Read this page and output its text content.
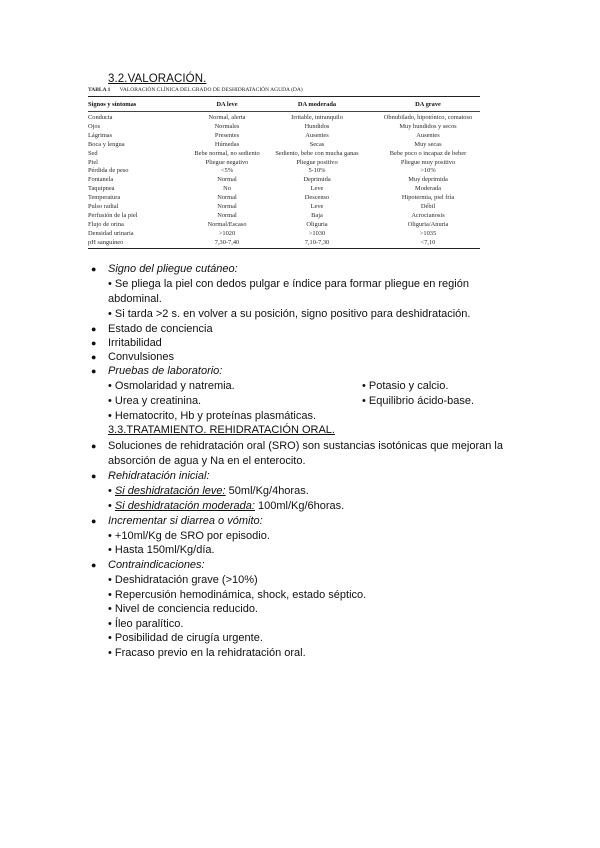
3.2.VALORACIÓN.
TABLA 1 VALORACIÓN CLÍNICA DEL GRADO DE DESHIDRATACIÓN AGUDA (DA)
Signos y síntomas	DA leve	DA moderada	DA grave
Conducta	Normal, alerta	Irritable, intranquilo	Obnubilado, hipotónico, comatoso
Ojos	Normales	Hundidos	Muy hundidos y secos
Lágrimas	Presentes	Ausentes	Ausentes
Boca y lengua	Húmedas	Secas	Muy secas
Sed	Bebe normal, no sediento	Sediento, bebe con mucha ganas	Bebe poco o incapaz de beber
Piel	Pliegue negativo	Pliegue positivo	Pliegue muy positivo
Pérdida de peso	<5%	5-10%	>10%
Fontanela	Normal	Deprimida	Muy deprimida
Taquipnea	No	Leve	Moderada
Temperatura	Normal	Descenso	Hipotermia, piel fría
Pulso radial	Normal	Leve	Débil
Perfusión de la piel	Normal	Baja	Acrocianosis
Flujo de orina	Normal/Escaso	Oliguria	Oliguria/Anuria
Densidad urinaria	>1020	>1030	>1035
pH sanguíneo	7,30-7,40	7,10-7,30	<7,10
● Signo del pliegue cutáneo:
• Se pliega la piel con dedos pulgar e índice para formar pliegue en región
abdominal.
• Si tarda >2 s. en volver a su posición, signo positivo para deshidratación.
● Estado de conciencia
● Irritabilidad
● Convulsiones
● Pruebas de laboratorio:
• Osmolaridad y natremia.	• Potasio y calcio.
• Urea y creatinina.	• Equilibrio ácido-base.
• Hematocrito, Hb y proteínas plasmáticas.
3.3.TRATAMIENTO. REHIDRATACIÓN ORAL.
● Soluciones de rehidratación oral (SRO) son sustancias isotónicas que mejoran la
absorción de agua y Na en el enterocito.
● Rehidratación inicial:
• Si deshidratación leve: 50ml/Kg/4horas.
• Si deshidratación moderada: 100ml/Kg/6horas.
● Incrementar si diarrea o vómito:
• +10ml/Kg de SRO por episodio.
• Hasta 150ml/Kg/día.
● Contraindicaciones:
• Deshidratación grave (>10%)
• Repercusión hemodinámica, shock, estado séptico.
• Nivel de conciencia reducido.
• Íleo paralítico.
• Posibilidad de cirugía urgente.
• Fracaso previo en la rehidratación oral.
